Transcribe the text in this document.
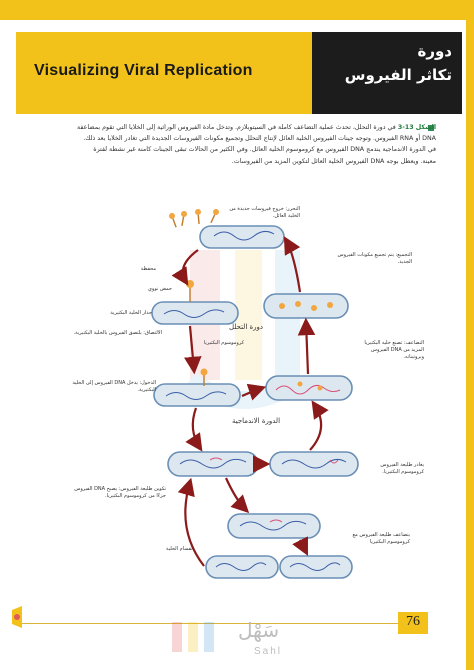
Visualizing Viral Replication
دورة
تكاثر الفيروس
الشكل 13-3 في دورة التحلل، تحدث عملية التضاعف كاملة في السيتوبلازم. وتدخل مادة الفيروس الوراثية إلى الخلايا التي تقوم بمضاعفة
DNA أو RNA الفيروس. وتوجه جينات الفيروس الخلية العائل لإنتاج التحلل وتجميع مكونات الفيروسات الجديدة التي تغادر الخلايا بعد ذلك.
في الدورة الاندماجية يندمج DNA الفيروس مع كروموسوم الخلية العائل. وفي الكثير من الحالات تبقى الجينات كامنة غير نشطة لفترة
معينة. ويعطل بوجه DNA الفيروس الخلية العائل لتكوين المزيد من الفيروسات.
التحرر: خروج فيروسات جديدة من الخلية العائل.
التجميع: يتم تجميع مكونات الفيروس الجديد.
محفظة
حمض نووي
جدار الخلية البكتيرية
دورة التحلل
الالتصاق: يلتصق الفيروس بالخلية البكتيرية.
كروموسوم البكتيريا	التضاعف: تصنع خلية البكتيريا المزيد من DNA الفيروس وبروتيناته.
الدخول: يدخل DNA الفيروس إلى الخلية البكتيرية.
الدورة الاندماجية
يغادر طليعة الفيروس كروموسوم البكتيريا.
تكوين طليعة الفيروس: يصبح DNA الفيروس جزءًا من كروموسوم البكتيريا.
يتضاعف طليعة الفيروس مع كروموسوم البكتيريا
انقسام الخلية
76
سَهْل
Sahl
